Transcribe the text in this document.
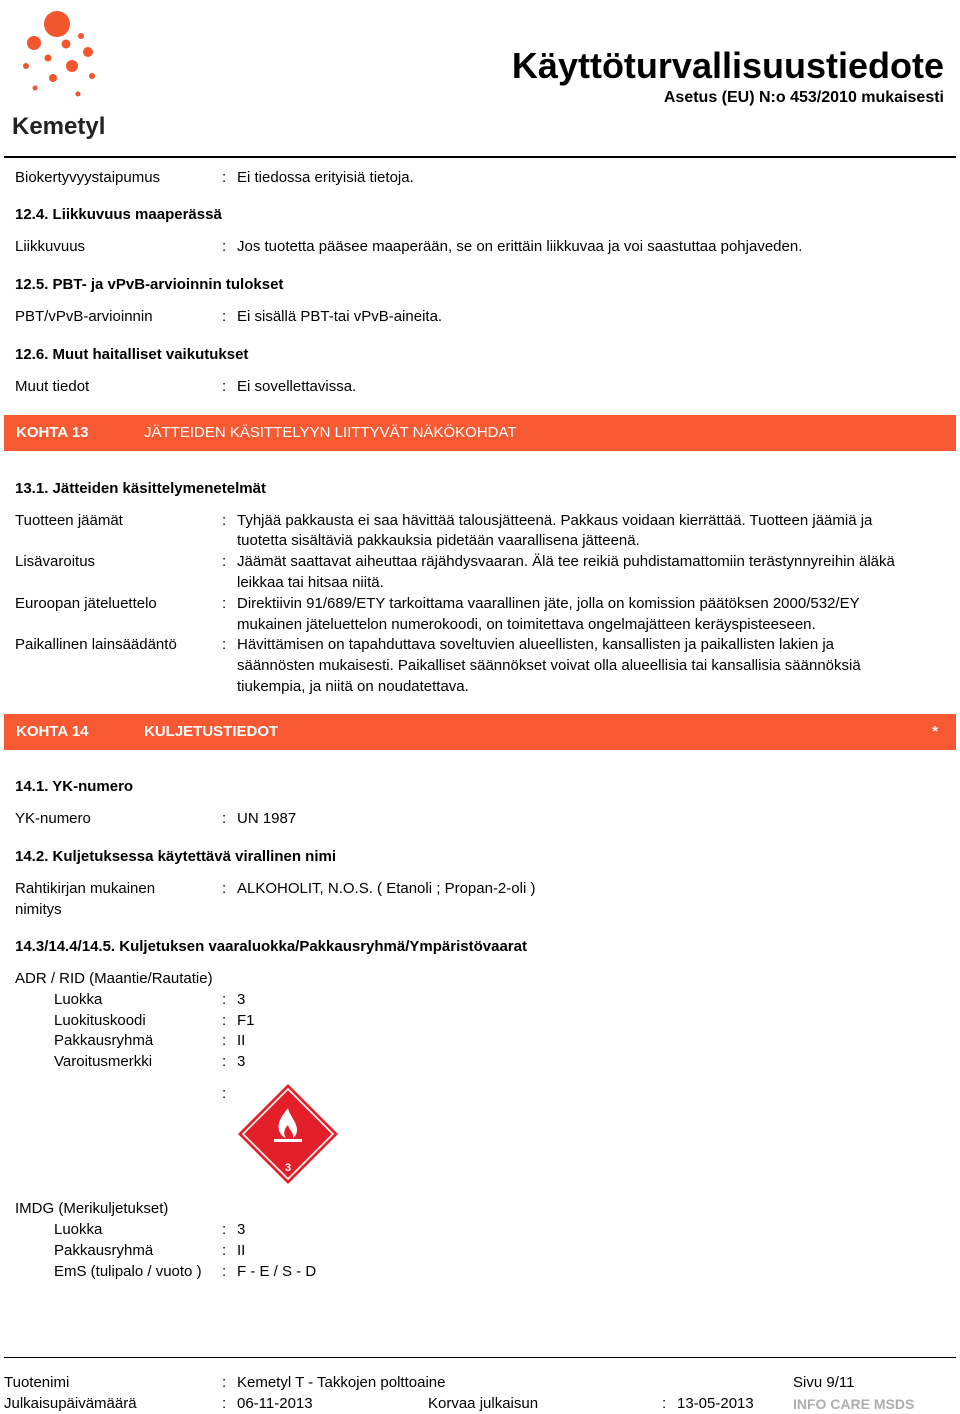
Kemetyl
Käyttöturvallisuustiedote
Asetus (EU) N:o 453/2010 mukaisesti
Biokertyvyystaipumus	: Ei tiedossa erityisiä tietoja.
12.4. Liikkuvuus maaperässä
Liikkuvuus	: Jos tuotetta pääsee maaperään, se on erittäin liikkuvaa ja voi saastuttaa pohjaveden.
12.5. PBT- ja vPvB-arvioinnin tulokset
PBT/vPvB-arvioinnin	: Ei sisällä PBT-tai vPvB-aineita.
12.6. Muut haitalliset vaikutukset
Muut tiedot	: Ei sovellettavissa.
KOHTA 13	JÄTTEIDEN KÄSITTELYYN LIITTYVÄT NÄKÖKOHDAT
13.1. Jätteiden käsittelymenetelmät
Tuotteen jäämät	: Tyhjää pakkausta ei saa hävittää talousjätteenä. Pakkaus voidaan kierrättää. Tuotteen jäämiä ja
tuotetta sisältäviä pakkauksia pidetään vaarallisena jätteenä.
Lisävaroitus	: Jäämät saattavat aiheuttaa räjähdysvaaran. Älä tee reikiä puhdistamattomiin terästynnyreihin äläkä
leikkaa tai hitsaa niitä.
Euroopan jäteluettelo	: Direktiivin 91/689/ETY tarkoittama vaarallinen jäte, jolla on komission päätöksen 2000/532/EY
mukainen jäteluettelon numerokoodi, on toimitettava ongelmajätteen keräyspisteeseen.
Paikallinen lainsäädäntö	: Hävittämisen on tapahduttava soveltuvien alueellisten, kansallisten ja paikallisten lakien ja
säännösten mukaisesti. Paikalliset säännökset voivat olla alueellisia tai kansallisia säännöksiä
tiukempia, ja niitä on noudatettava.
KOHTA 14	KULJETUSTIEDOT	*
14.1. YK-numero
YK-numero	: UN 1987
14.2. Kuljetuksessa käytettävä virallinen nimi
Rahtikirjan mukainen
nimitys
: ALKOHOLIT, N.O.S. ( Etanoli ; Propan-2-oli )
14.3/14.4/14.5. Kuljetuksen vaaraluokka/Pakkausryhmä/Ympäristövaarat
ADR / RID (Maantie/Rautatie)
Luokka	: 3
Luokituskoodi	: F1
Pakkausryhmä	: II
Varoitusmerkki	: 3
:
3
IMDG (Merikuljetukset)
Luokka	: 3
Pakkausryhmä	: II
EmS (tulipalo / vuoto ) : F - E / S - D
Tuotenimi	: Kemetyl T - Takkojen polttoaine	Sivu 9/11
Julkaisupäivämäärä	: 06-11-2013	Korvaa julkaisun	: 13-05-2013	INFO CARE MSDS
